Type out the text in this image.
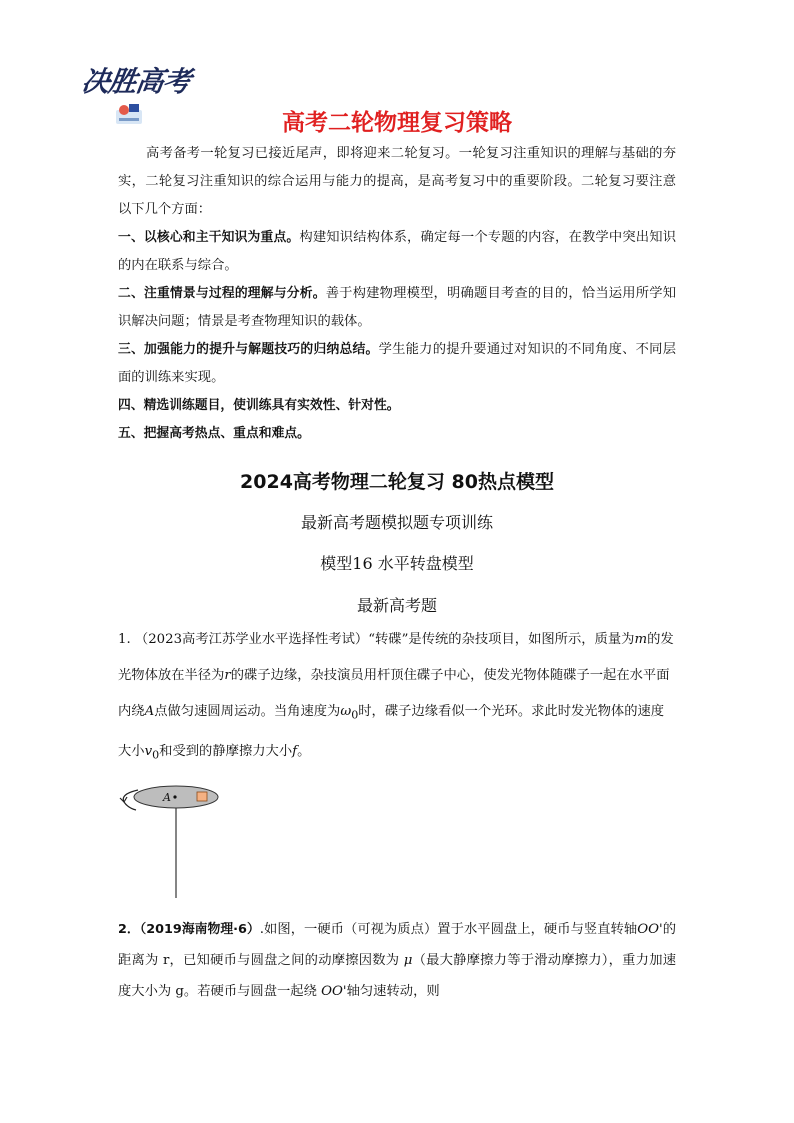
决胜高考
高考二轮物理复习策略

高考备考一轮复习已接近尾声，即将迎来二轮复习。一轮复习注重知识的理解与基础的夯实，二轮复习注重知识的综合运用与能力的提高，是高考复习中的重要阶段。二轮复习要注意以下几个方面：

一、以核心和主干知识为重点。构建知识结构体系，确定每一个专题的内容，在教学中突出知识的内在联系与综合。

二、注重情景与过程的理解与分析。善于构建物理模型，明确题目考查的目的，恰当运用所学知识解决问题；情景是考查物理知识的载体。

三、加强能力的提升与解题技巧的归纳总结。学生能力的提升要通过对知识的不同角度、不同层面的训练来实现。

四、精选训练题目，使训练具有实效性、针对性。

五、把握高考热点、重点和难点。

2024高考物理二轮复习 80热点模型
最新高考题模拟题专项训练
模型16 水平转盘模型
最新高考题

1. （2023高考江苏学业水平选择性考试）“转碟”是传统的杂技项目，如图所示，质量为m的发光物体放在半径为r的碟子边缘，杂技演员用杆顶住碟子中心，使发光物体随碟子一起在水平面内绕A点做匀速圆周运动。当角速度为$\omega_0$时，碟子边缘看似一个光环。求此时发光物体的速度大小$v_0$和受到的静摩擦力大小f。

A

2．（2019海南物理·6）.如图，一硬币（可视为质点）置于水平圆盘上，硬币与竖直转轴OO'的距离为 r，已知硬币与圆盘之间的动摩擦因数为 μ（最大静摩擦力等于滑动摩擦力），重力加速度大小为 g。若硬币与圆盘一起绕 OO'轴匀速转动，则
